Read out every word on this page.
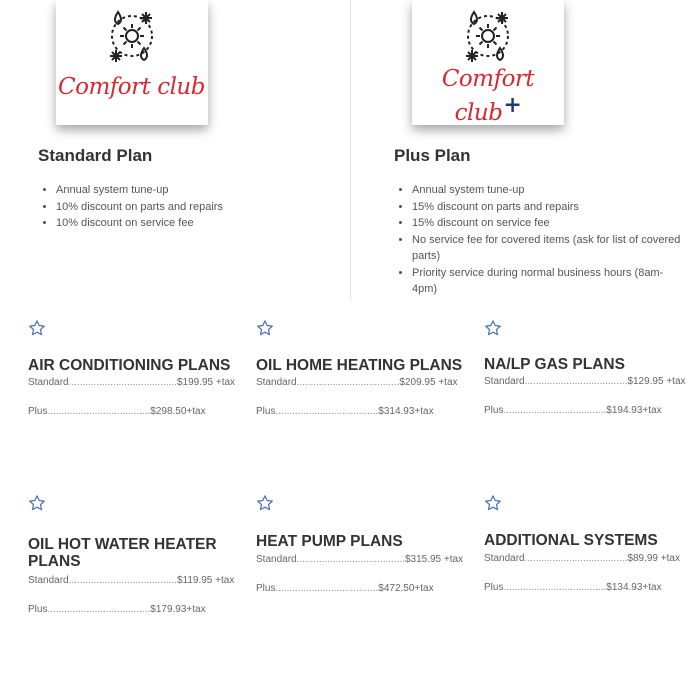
Comfort club
Standard Plan
• Annual system tune-up
• 10% discount on parts and repairs
• 10% discount on service fee
Comfort club+
Plus Plan
• Annual system tune-up
• 15% discount on parts and repairs
• 15% discount on service fee
• No service fee for covered items (ask for list of covered parts)
• Priority service during normal business hours (8am-4pm)
AIR CONDITIONING PLANS
Standard.......................................$199.95 +tax
Plus.....................................$298.50+tax
OIL HOME HEATING PLANS
Standard.....................................$209.95 +tax
Plus.....................................$314.93+tax
NA/LP GAS PLANS
Standard.....................................$129.95 +tax
Plus.....................................$194.93+tax
OIL HOT WATER HEATER PLANS
Standard.......................................$119.95 +tax
Plus.....................................$179.93+tax
HEAT PUMP PLANS
Standard.......................................$315.95 +tax
Plus.....................................$472.50+tax
ADDITIONAL SYSTEMS
Standard.....................................$89.99 +tax
Plus.....................................$134.93+tax
